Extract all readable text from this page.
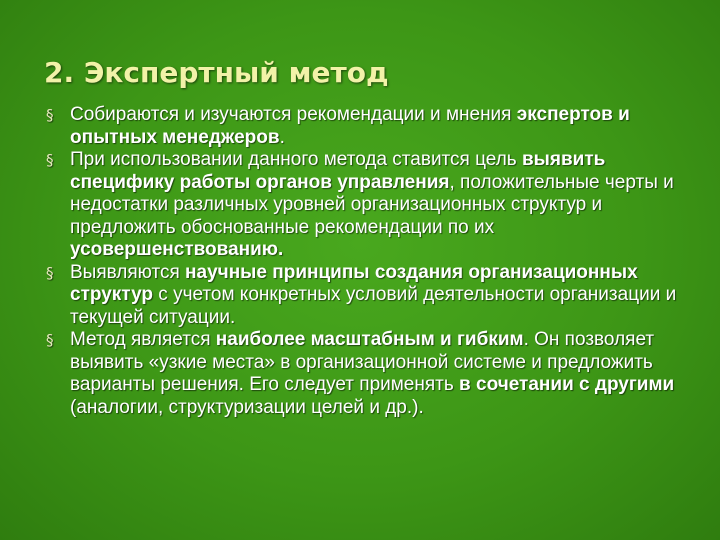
2. Экспертный метод
§ Собираются и изучаются рекомендации и мнения экспертов и опытных менеджеров.
§ При использовании данного метода ставится цель выявить специфику работы органов управления, положительные черты и недостатки различных уровней организационных структур и предложить обоснованные рекомендации по их усовершенствованию.
§ Выявляются научные принципы создания организационных структур с учетом конкретных условий деятельности организации и текущей ситуации.
§ Метод является наиболее масштабным и гибким. Он позволяет выявить «узкие места» в организационной системе и предложить варианты решения. Его следует применять в сочетании с другими (аналогии, структуризации целей и др.).
